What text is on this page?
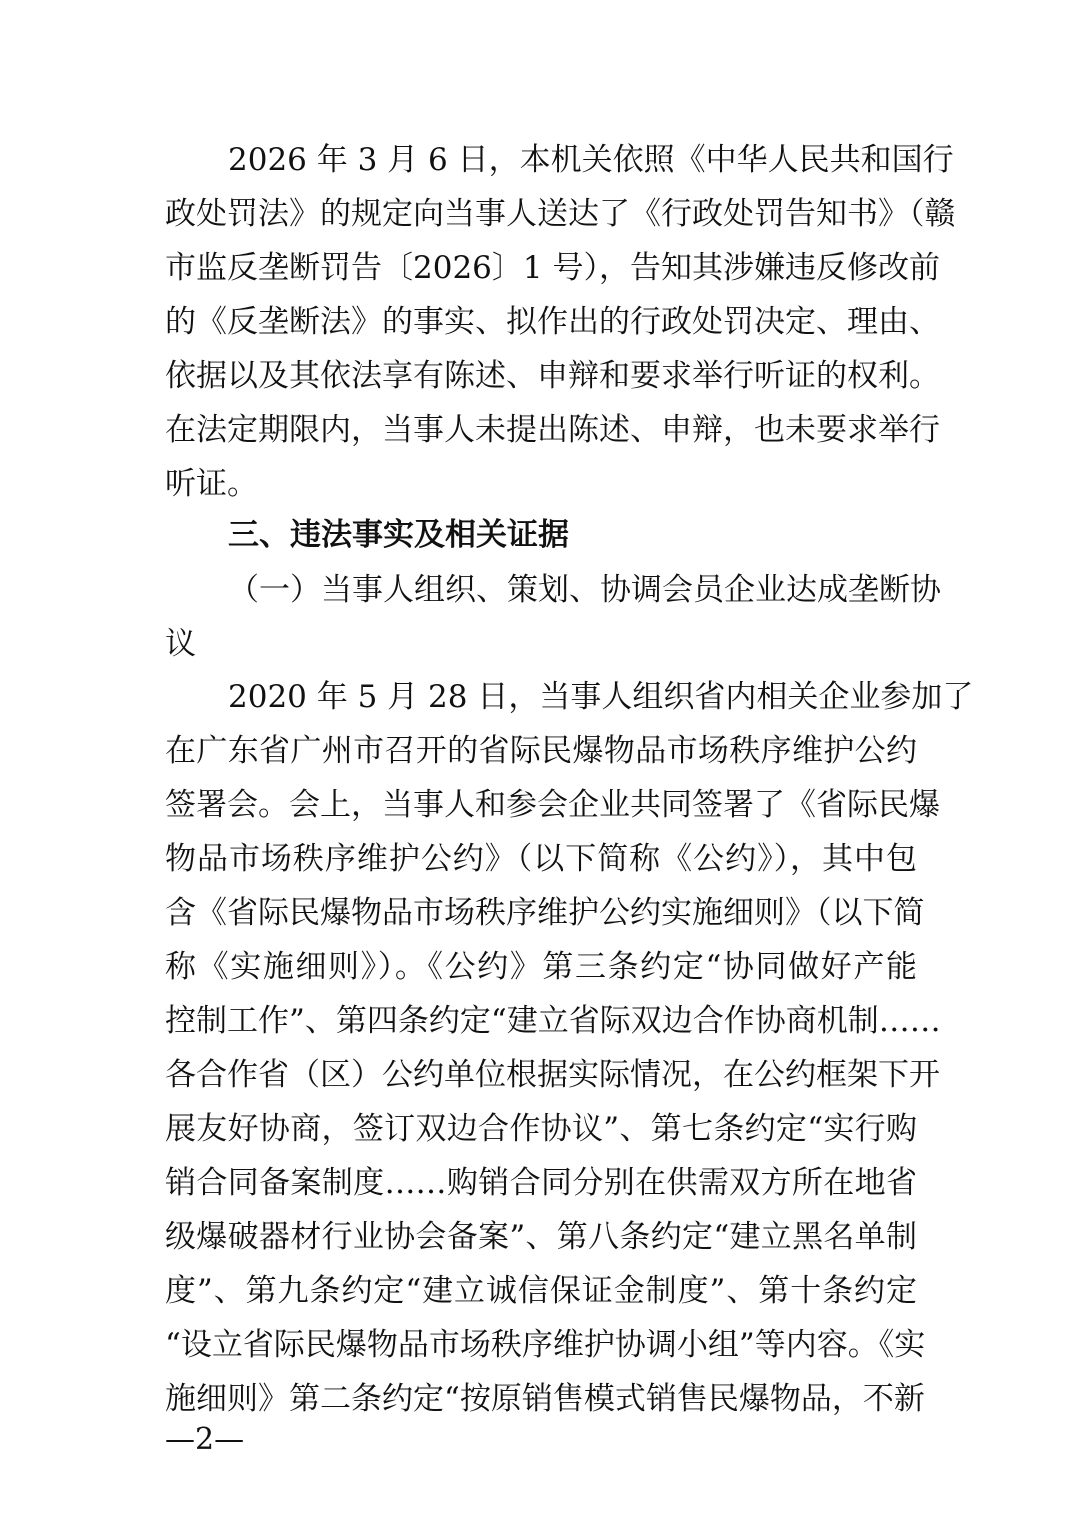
2026 年 3 月 6 日，本机关依照《中华人民共和国行
政处罚法》的规定向当事人送达了《行政处罚告知书》（赣
市监反垄断罚告〔2026〕1 号），告知其涉嫌违反修改前
的《反垄断法》的事实、拟作出的行政处罚决定、理由、
依据以及其依法享有陈述、申辩和要求举行听证的权利。
在法定期限内，当事人未提出陈述、申辩，也未要求举行
听证。
三、违法事实及相关证据
（一）当事人组织、策划、协调会员企业达成垄断协
议
2020 年 5 月 28 日，当事人组织省内相关企业参加了
在广东省广州市召开的省际民爆物品市场秩序维护公约
签署会。会上，当事人和参会企业共同签署了《省际民爆
物品市场秩序维护公约》（以下简称《公约》），其中包
含《省际民爆物品市场秩序维护公约实施细则》（以下简
称《实施细则》）。《公约》第三条约定“协同做好产能
控制工作”、第四条约定“建立省际双边合作协商机制……
各合作省（区）公约单位根据实际情况，在公约框架下开
展友好协商，签订双边合作协议”、第七条约定“实行购
销合同备案制度……购销合同分别在供需双方所在地省
级爆破器材行业协会备案”、第八条约定“建立黑名单制
度”、第九条约定“建立诚信保证金制度”、第十条约定
“设立省际民爆物品市场秩序维护协调小组”等内容。《实
施细则》第二条约定“按原销售模式销售民爆物品，不新
—2—
